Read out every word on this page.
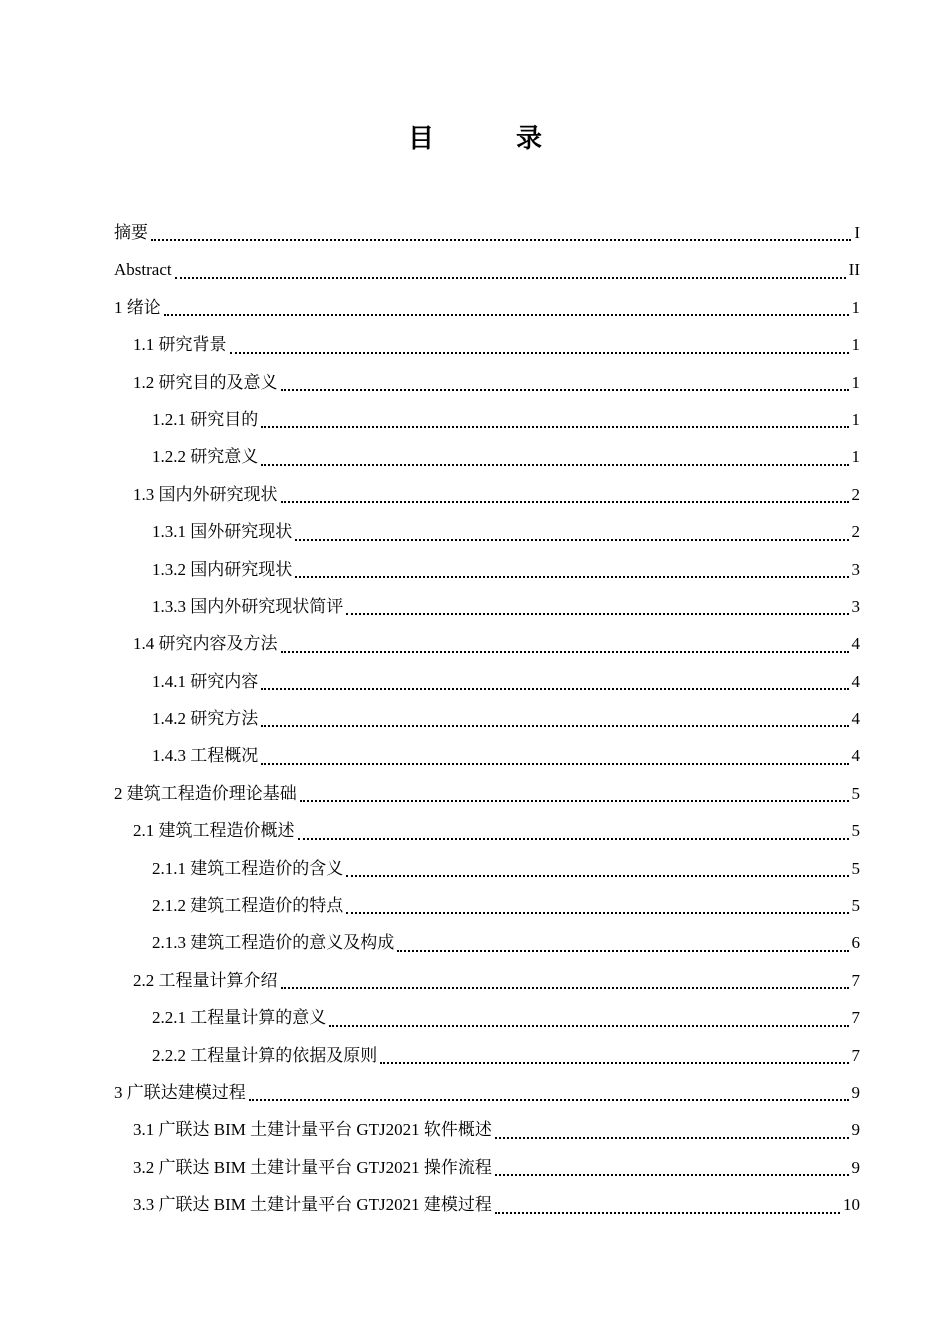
目　录
摘要	I
Abstract	II
1 绪论	1
1.1 研究背景	1
1.2 研究目的及意义	1
1.2.1 研究目的	1
1.2.2 研究意义	1
1.3 国内外研究现状	2
1.3.1 国外研究现状	2
1.3.2 国内研究现状	3
1.3.3 国内外研究现状简评	3
1.4 研究内容及方法	4
1.4.1 研究内容	4
1.4.2 研究方法	4
1.4.3 工程概况	4
2 建筑工程造价理论基础	5
2.1 建筑工程造价概述	5
2.1.1 建筑工程造价的含义	5
2.1.2 建筑工程造价的特点	5
2.1.3 建筑工程造价的意义及构成	6
2.2 工程量计算介绍	7
2.2.1 工程量计算的意义	7
2.2.2 工程量计算的依据及原则	7
3 广联达建模过程	9
3.1 广联达 BIM 土建计量平台 GTJ2021 软件概述	9
3.2 广联达 BIM 土建计量平台 GTJ2021 操作流程	9
3.3 广联达 BIM 土建计量平台 GTJ2021 建模过程	10
